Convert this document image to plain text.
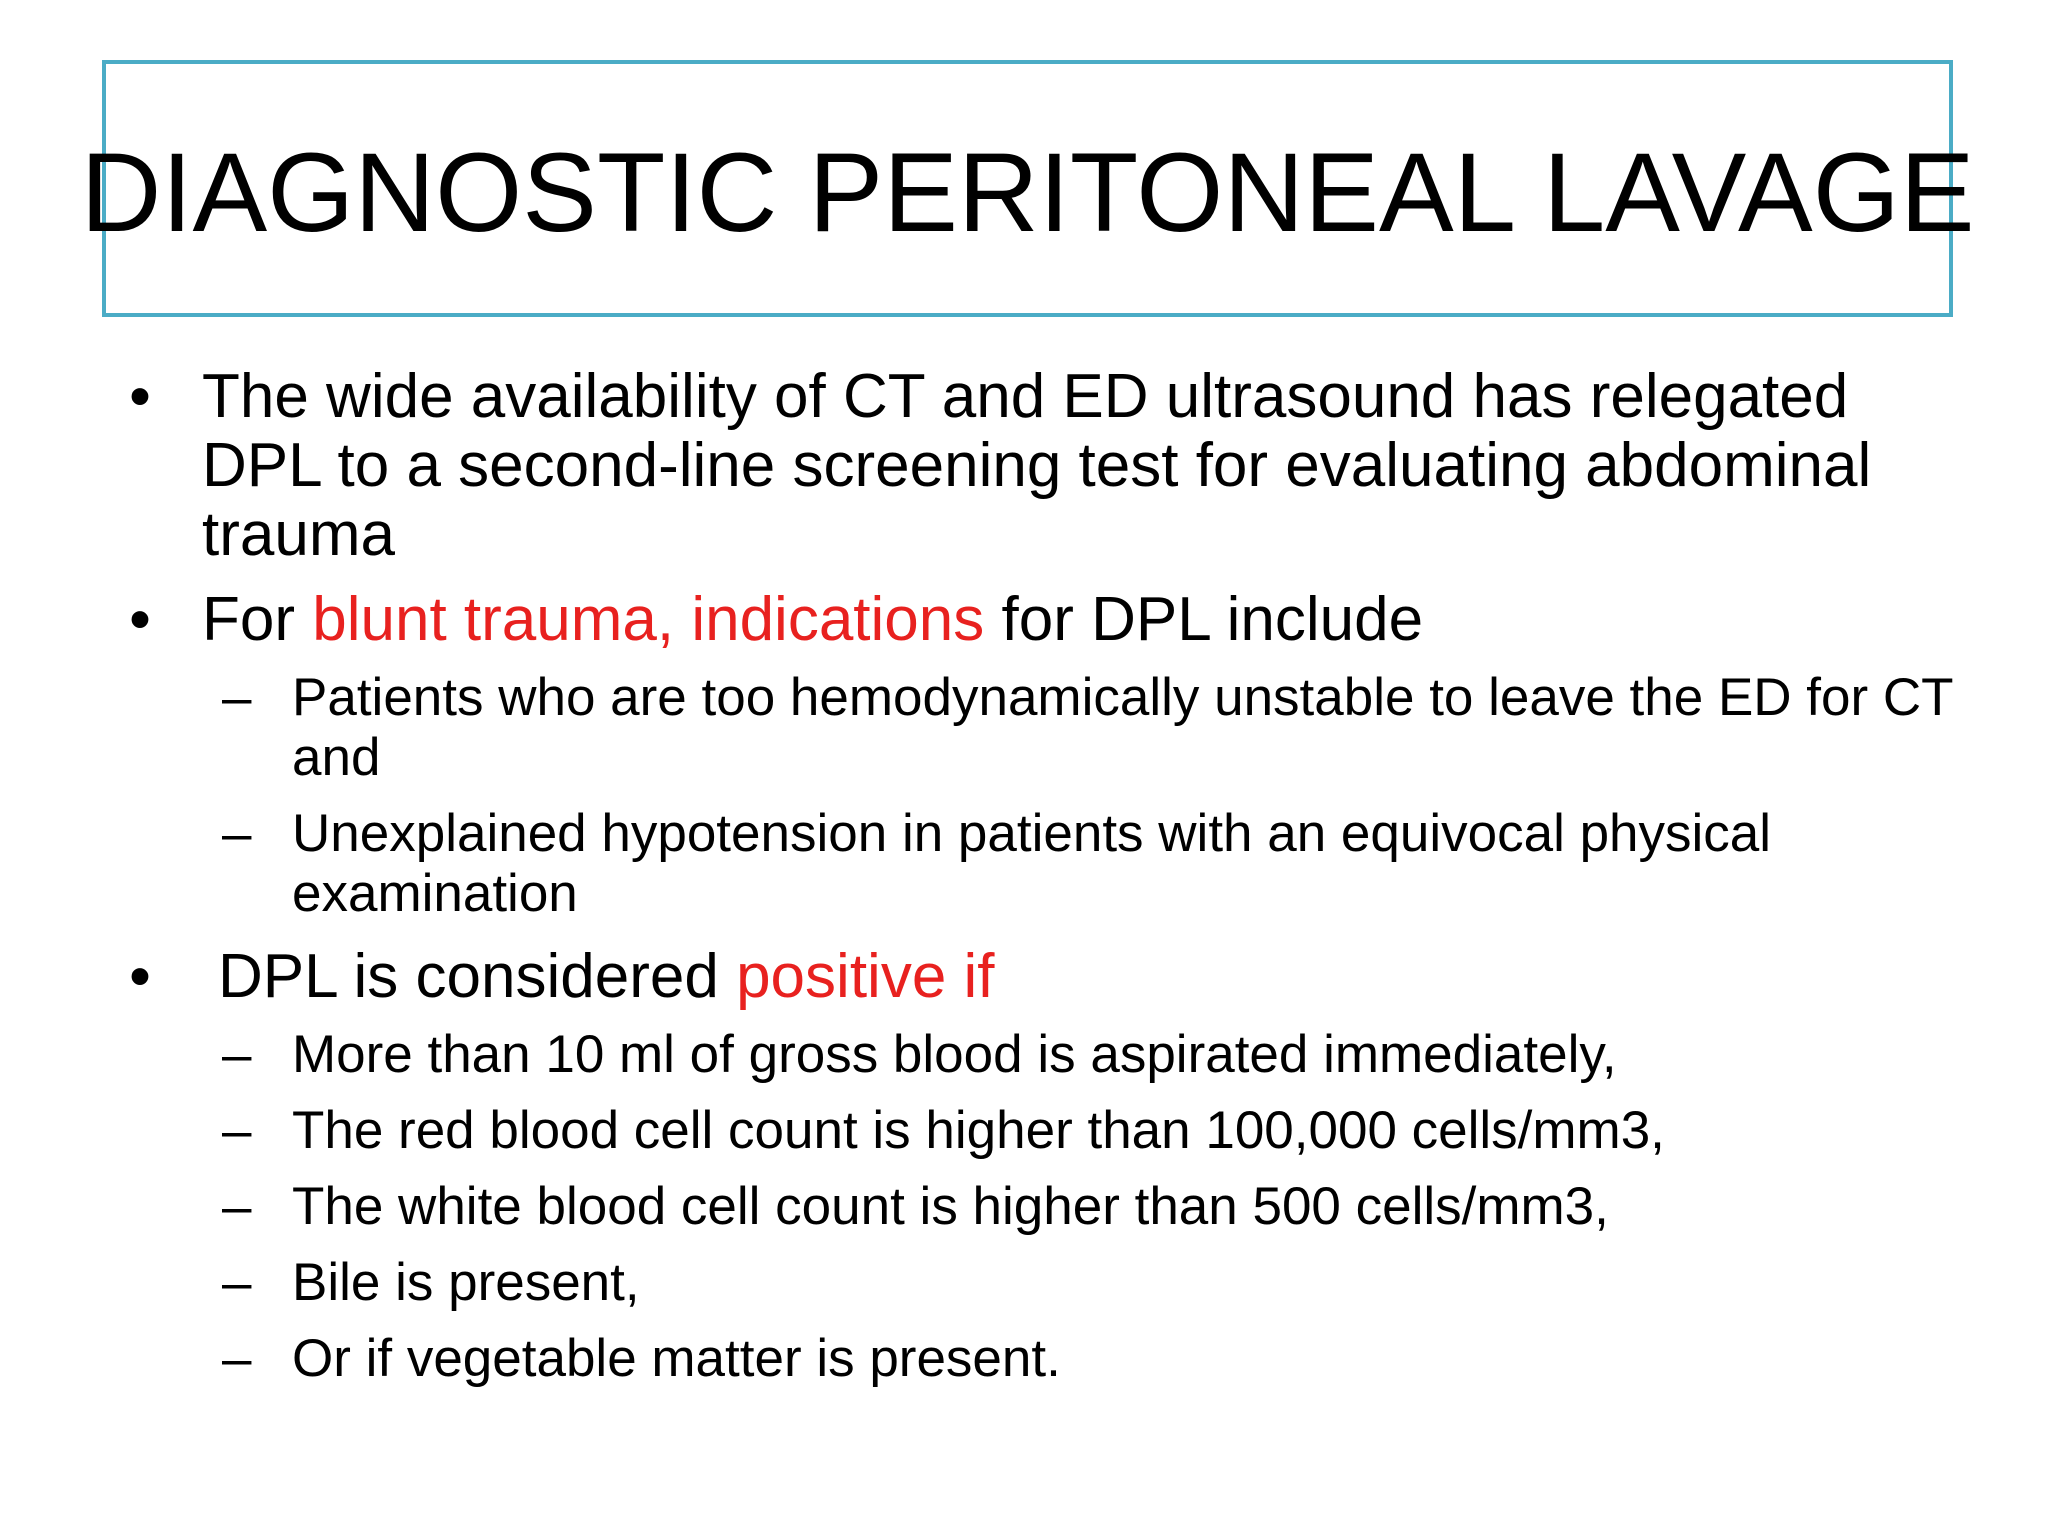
DIAGNOSTIC PERITONEAL LAVAGE
• The wide availability of CT and ED ultrasound has relegated DPL to a second-line screening test for evaluating abdominal trauma
• For blunt trauma, indications for DPL include
– Patients who are too hemodynamically unstable to leave the ED for CT and
– Unexplained hypotension in patients with an equivocal physical examination
• DPL is considered positive if
– More than 10 ml of gross blood is aspirated immediately,
– The red blood cell count is higher than 100,000 cells/mm3,
– The white blood cell count is higher than 500 cells/mm3,
– Bile is present,
– Or if vegetable matter is present.
